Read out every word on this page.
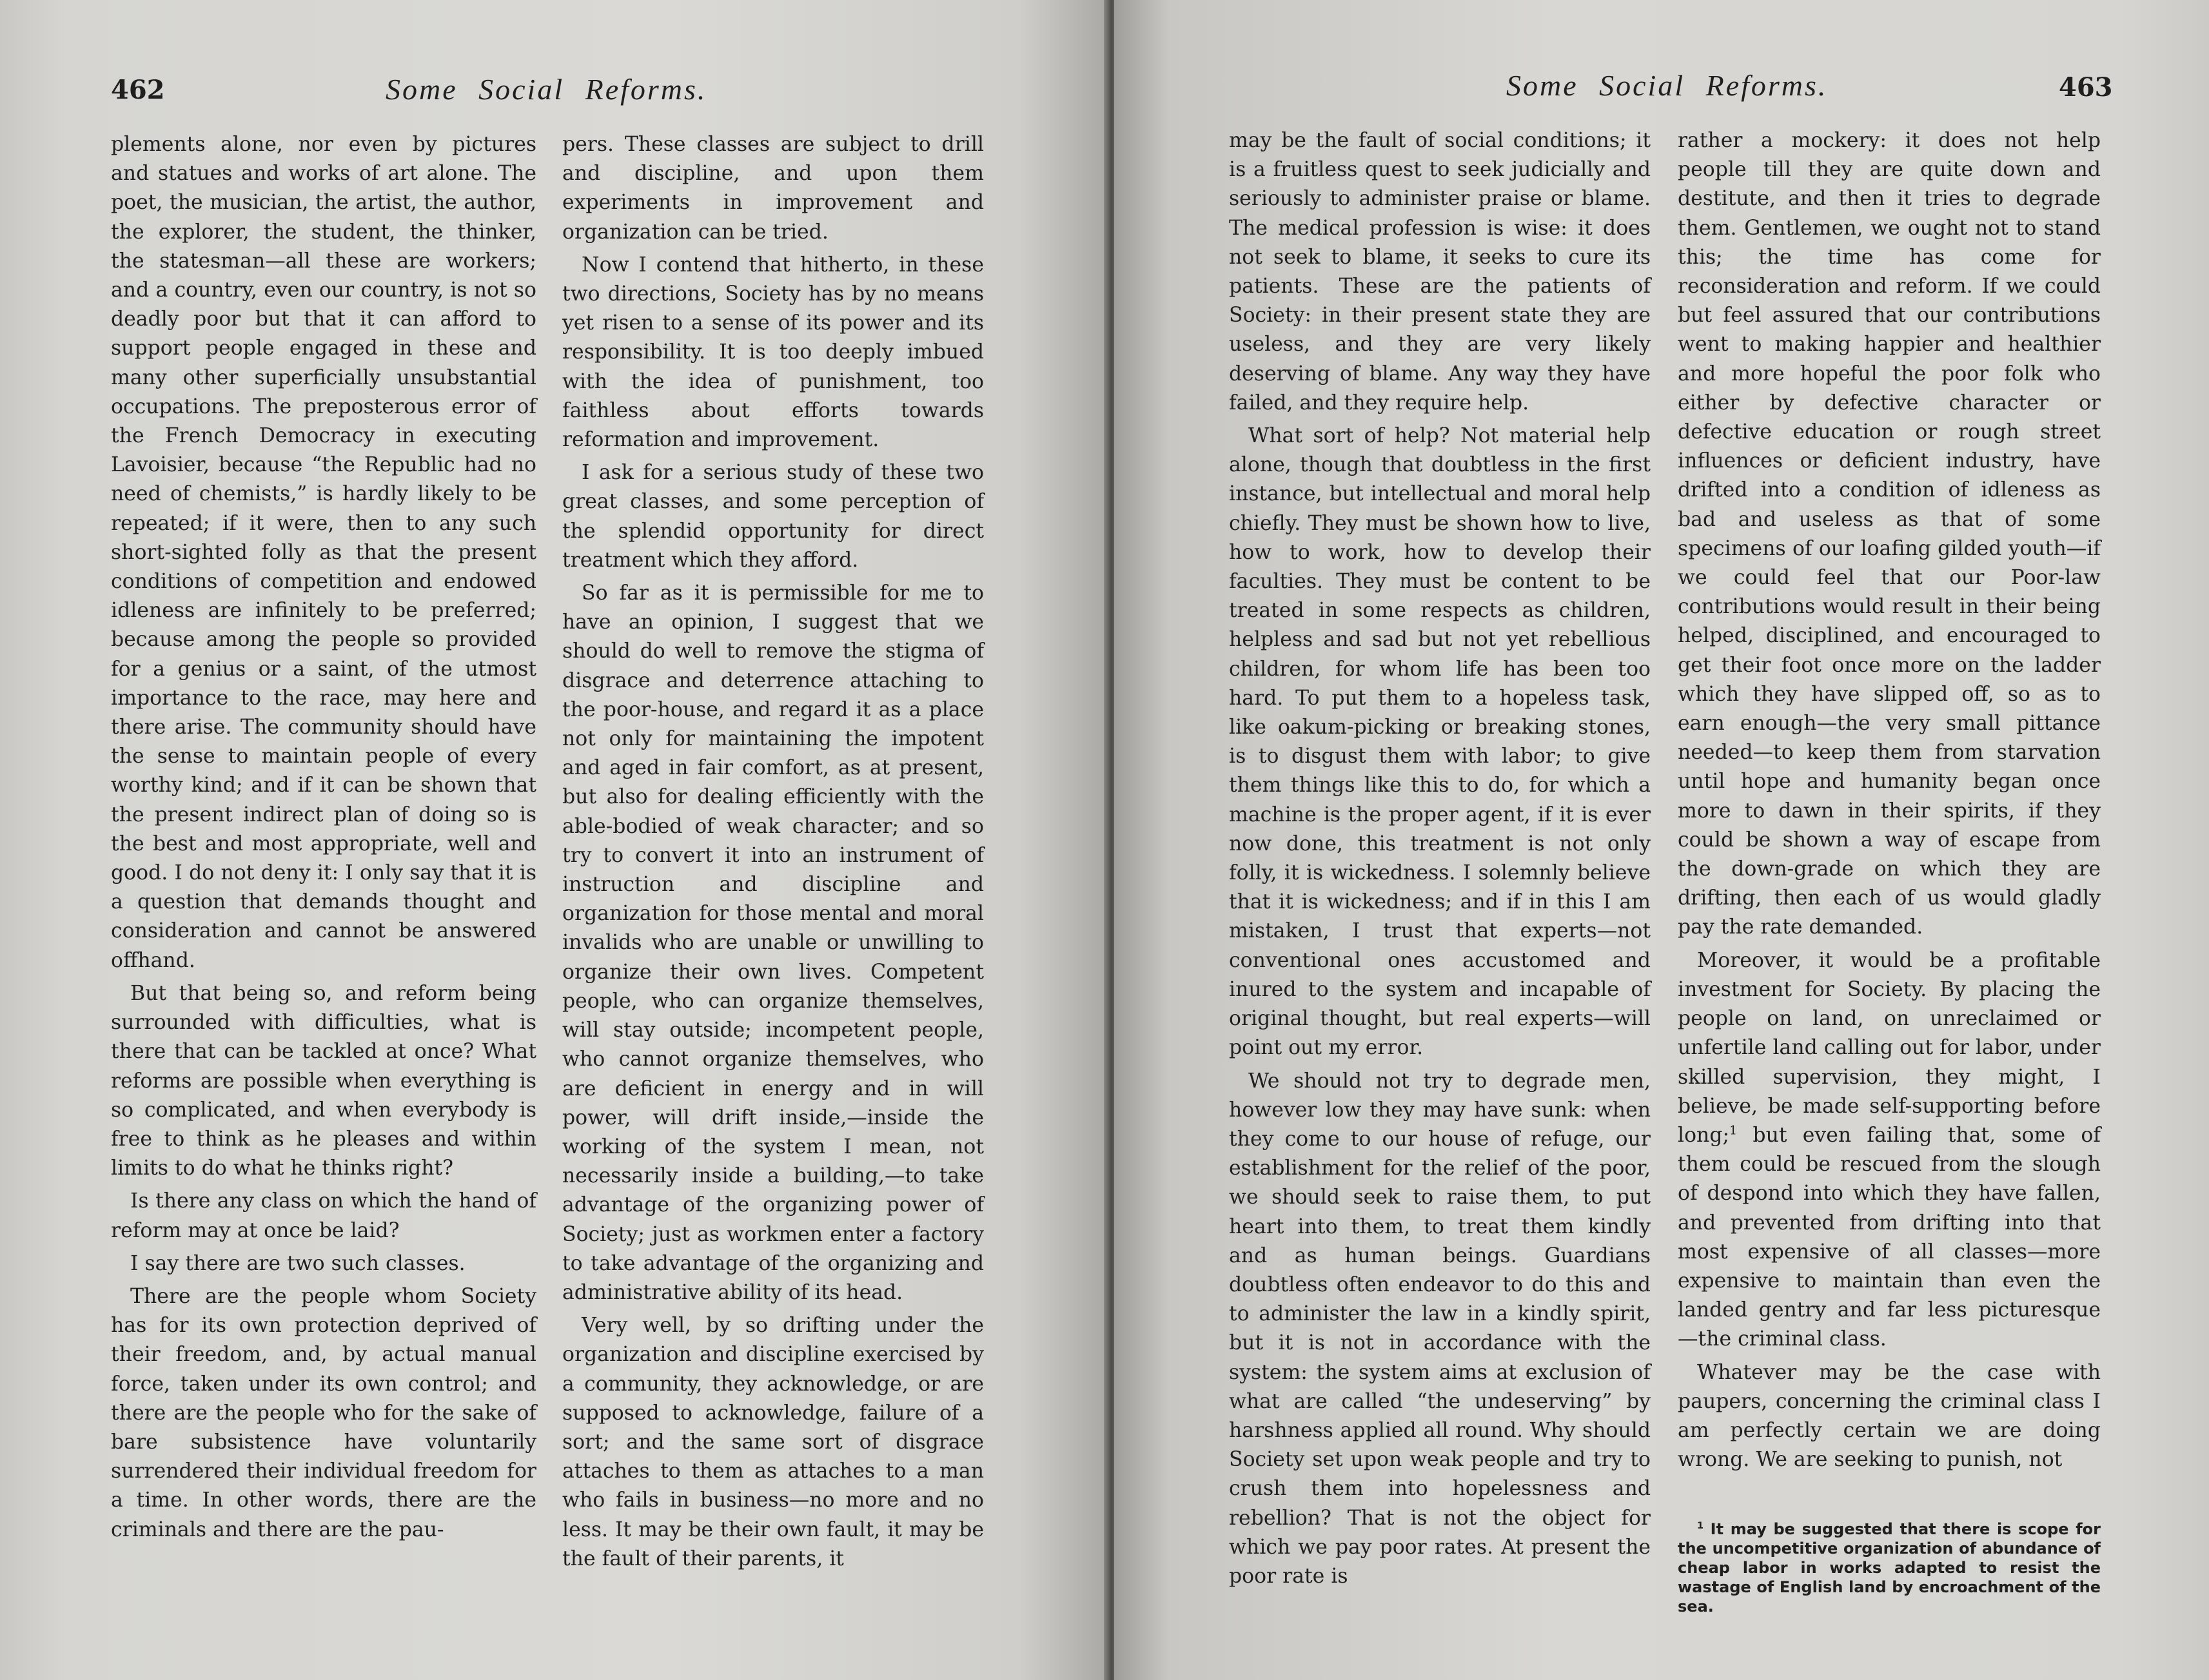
462	Some Social Reforms.

plements alone, nor even by pictures and statues and works of art alone. The poet, the musician, the artist, the author, the explorer, the student, the thinker, the statesman—all these are workers; and a country, even our country, is not so deadly poor but that it can afford to support people engaged in these and many other superficially unsubstantial occupations. The preposterous error of the French Democracy in executing Lavoisier, because “the Republic had no need of chemists,” is hardly likely to be repeated; if it were, then to any such short-sighted folly as that the present conditions of competition and endowed idleness are infinitely to be preferred; because among the people so provided for a genius or a saint, of the utmost importance to the race, may here and there arise. The community should have the sense to maintain people of every worthy kind; and if it can be shown that the present indirect plan of doing so is the best and most appropriate, well and good. I do not deny it: I only say that it is a question that demands thought and consideration and cannot be answered offhand.

But that being so, and reform being surrounded with difficulties, what is there that can be tackled at once? What reforms are possible when everything is so complicated, and when everybody is free to think as he pleases and within limits to do what he thinks right?

Is there any class on which the hand of reform may at once be laid?

I say there are two such classes.

There are the people whom Society has for its own protection deprived of their freedom, and, by actual manual force, taken under its own control; and there are the people who for the sake of bare subsistence have voluntarily surrendered their individual freedom for a time. In other words, there are the criminals and there are the pau-

pers. These classes are subject to drill and discipline, and upon them experiments in improvement and organization can be tried.

Now I contend that hitherto, in these two directions, Society has by no means yet risen to a sense of its power and its responsibility. It is too deeply imbued with the idea of punishment, too faithless about efforts towards reformation and improvement.

I ask for a serious study of these two great classes, and some perception of the splendid opportunity for direct treatment which they afford.

So far as it is permissible for me to have an opinion, I suggest that we should do well to remove the stigma of disgrace and deterrence attaching to the poor-house, and regard it as a place not only for maintaining the impotent and aged in fair comfort, as at present, but also for dealing efficiently with the able-bodied of weak character; and so try to convert it into an instrument of instruction and discipline and organization for those mental and moral invalids who are unable or unwilling to organize their own lives. Competent people, who can organize themselves, will stay outside; incompetent people, who cannot organize themselves, who are deficient in energy and in will power, will drift inside,—inside the working of the system I mean, not necessarily inside a building,—to take advantage of the organizing power of Society; just as workmen enter a factory to take advantage of the organizing and administrative ability of its head.

Very well, by so drifting under the organization and discipline exercised by a community, they acknowledge, or are supposed to acknowledge, failure of a sort; and the same sort of disgrace attaches to them as attaches to a man who fails in business—no more and no less. It may be their own fault, it may be the fault of their parents, it

Some Social Reforms.	463

may be the fault of social conditions; it is a fruitless quest to seek judicially and seriously to administer praise or blame. The medical profession is wise: it does not seek to blame, it seeks to cure its patients. These are the patients of Society: in their present state they are useless, and they are very likely deserving of blame. Any way they have failed, and they require help.

What sort of help? Not material help alone, though that doubtless in the first instance, but intellectual and moral help chiefly. They must be shown how to live, how to work, how to develop their faculties. They must be content to be treated in some respects as children, helpless and sad but not yet rebellious children, for whom life has been too hard. To put them to a hopeless task, like oakum-picking or breaking stones, is to disgust them with labor; to give them things like this to do, for which a machine is the proper agent, if it is ever now done, this treatment is not only folly, it is wickedness. I solemnly believe that it is wickedness; and if in this I am mistaken, I trust that experts—not conventional ones accustomed and inured to the system and incapable of original thought, but real experts—will point out my error.

We should not try to degrade men, however low they may have sunk: when they come to our house of refuge, our establishment for the relief of the poor, we should seek to raise them, to put heart into them, to treat them kindly and as human beings. Guardians doubtless often endeavor to do this and to administer the law in a kindly spirit, but it is not in accordance with the system: the system aims at exclusion of what are called “the undeserving” by harshness applied all round. Why should Society set upon weak people and try to crush them into hopelessness and rebellion? That is not the object for which we pay poor rates. At present the poor rate is

rather a mockery: it does not help people till they are quite down and destitute, and then it tries to degrade them. Gentlemen, we ought not to stand this; the time has come for reconsideration and reform. If we could but feel assured that our contributions went to making happier and healthier and more hopeful the poor folk who either by defective character or defective education or rough street influences or deficient industry, have drifted into a condition of idleness as bad and useless as that of some specimens of our loafing gilded youth—if we could feel that our Poor-law contributions would result in their being helped, disciplined, and encouraged to get their foot once more on the ladder which they have slipped off, so as to earn enough—the very small pittance needed—to keep them from starvation until hope and humanity began once more to dawn in their spirits, if they could be shown a way of escape from the down-grade on which they are drifting, then each of us would gladly pay the rate demanded.

Moreover, it would be a profitable investment for Society. By placing the people on land, on unreclaimed or unfertile land calling out for labor, under skilled supervision, they might, I believe, be made self-supporting before long;$^1$ but even failing that, some of them could be rescued from the slough of despond into which they have fallen, and prevented from drifting into that most expensive of all classes—more expensive to maintain than even the landed gentry and far less picturesque —the criminal class.

Whatever may be the case with paupers, concerning the criminal class I am perfectly certain we are doing wrong. We are seeking to punish, not

$^1$ It may be suggested that there is scope for the uncompetitive organization of abundance of cheap labor in works adapted to resist the wastage of English land by encroachment of the sea.
